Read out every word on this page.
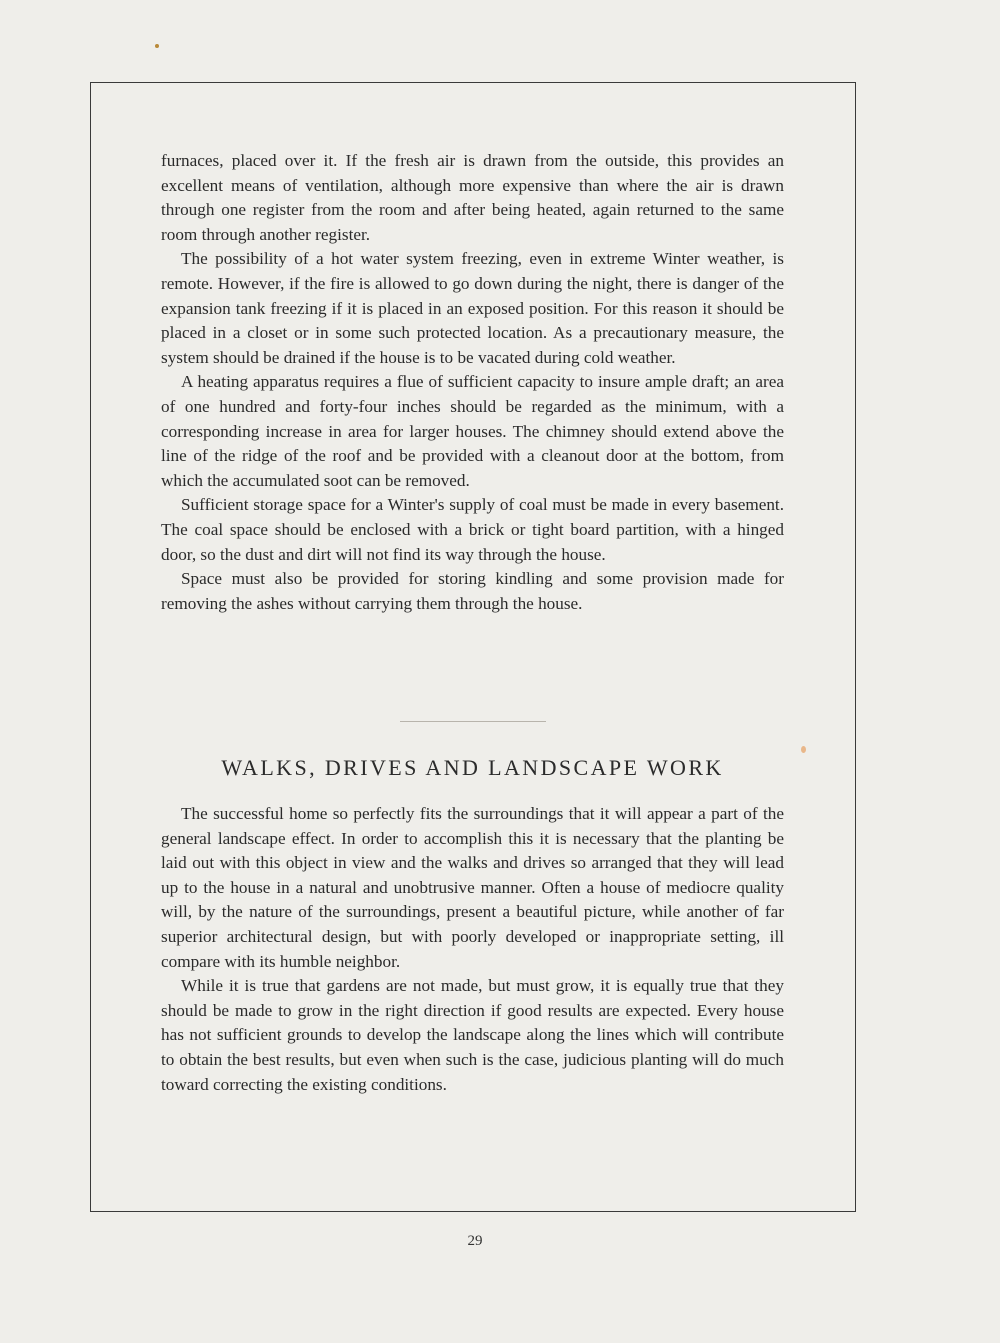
furnaces, placed over it. If the fresh air is drawn from the outside, this provides an excellent means of ventilation, although more expensive than where the air is drawn through one register from the room and after being heated, again returned to the same room through another register.

The possibility of a hot water system freezing, even in extreme Winter weather, is remote. However, if the fire is allowed to go down during the night, there is danger of the expansion tank freezing if it is placed in an exposed position. For this reason it should be placed in a closet or in some such protected location. As a precautionary measure, the system should be drained if the house is to be vacated during cold weather.

A heating apparatus requires a flue of sufficient capacity to insure ample draft; an area of one hundred and forty-four inches should be regarded as the minimum, with a corresponding increase in area for larger houses. The chimney should extend above the line of the ridge of the roof and be provided with a cleanout door at the bottom, from which the accumulated soot can be removed.

Sufficient storage space for a Winter's supply of coal must be made in every basement. The coal space should be enclosed with a brick or tight board partition, with a hinged door, so the dust and dirt will not find its way through the house.

Space must also be provided for storing kindling and some provision made for removing the ashes without carrying them through the house.

WALKS, DRIVES AND LANDSCAPE WORK

The successful home so perfectly fits the surroundings that it will appear a part of the general landscape effect. In order to accomplish this it is necessary that the planting be laid out with this object in view and the walks and drives so arranged that they will lead up to the house in a natural and unobtrusive manner. Often a house of mediocre quality will, by the nature of the surroundings, present a beautiful picture, while another of far superior architectural design, but with poorly developed or inappropriate setting, ill compare with its humble neighbor.

While it is true that gardens are not made, but must grow, it is equally true that they should be made to grow in the right direction if good results are expected. Every house has not sufficient grounds to develop the landscape along the lines which will contribute to obtain the best results, but even when such is the case, judicious planting will do much toward correcting the existing conditions.

29
